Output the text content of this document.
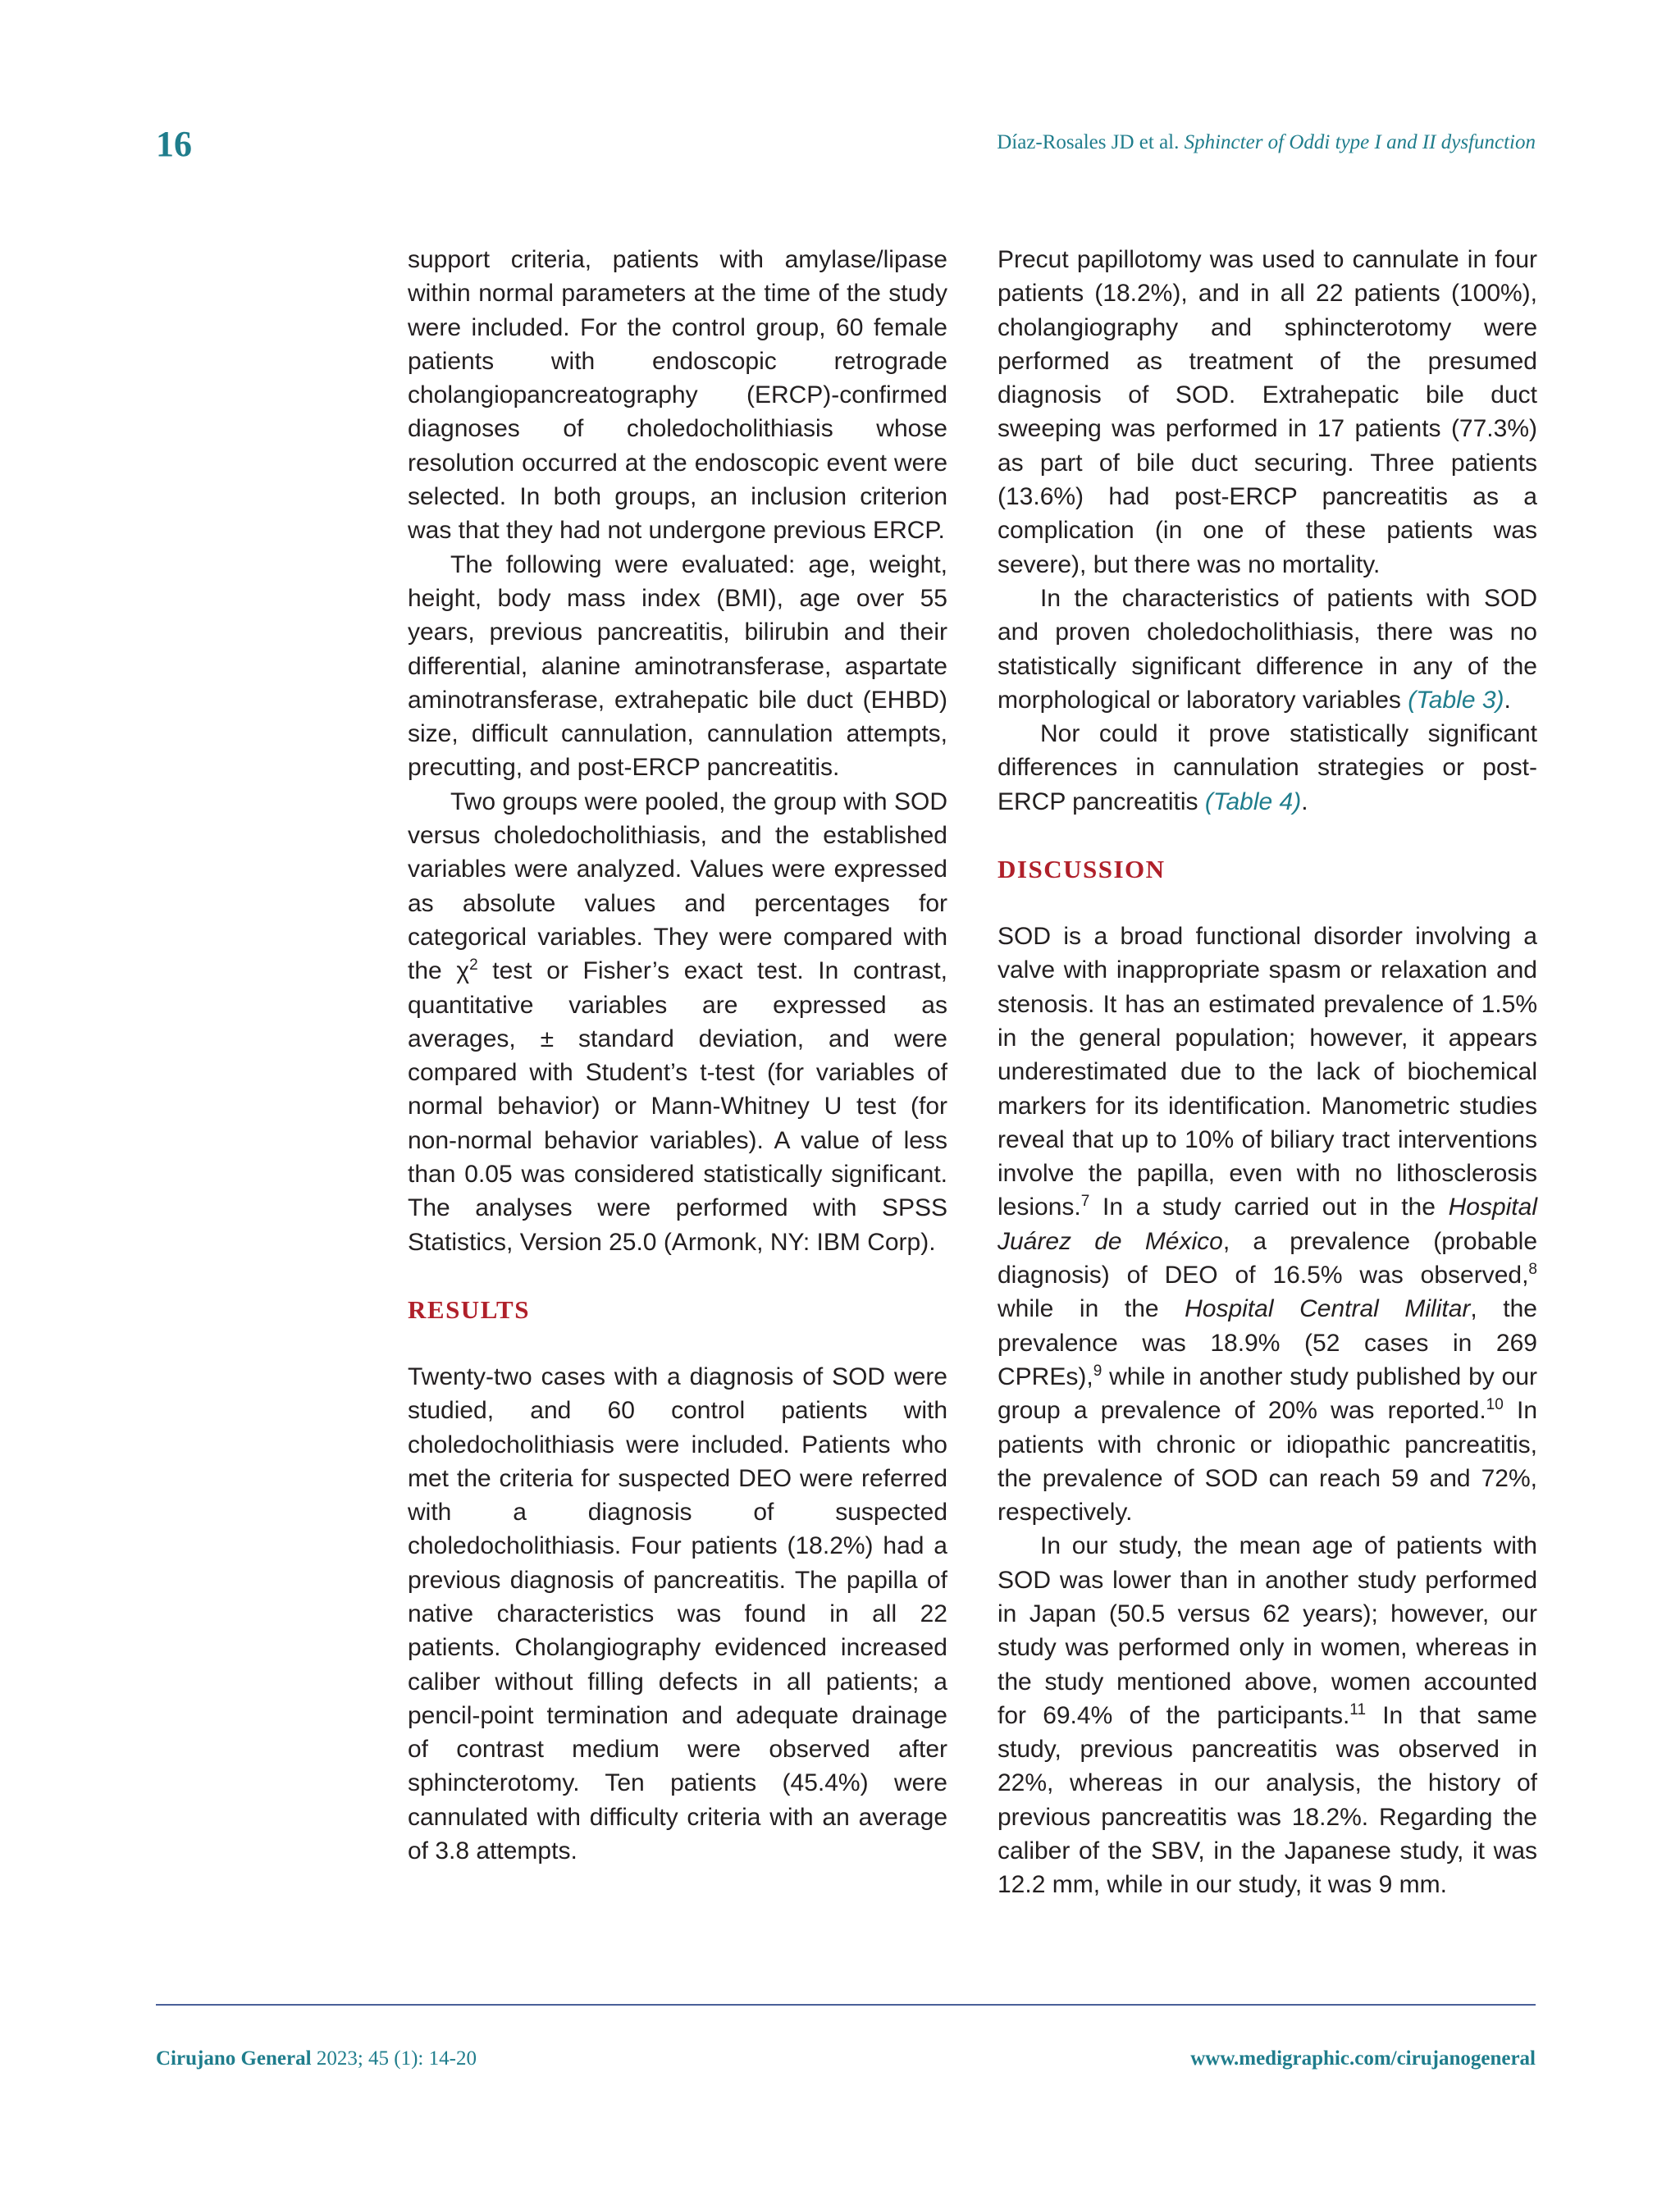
16	Díaz-Rosales JD et al. Sphincter of Oddi type I and II dysfunction

support criteria, patients with amylase/lipase within normal parameters at the time of the study were included. For the control group, 60 female patients with endoscopic retrograde cholangiopancreatography (ERCP)-confirmed diagnoses of choledocholithiasis whose resolution occurred at the endoscopic event were selected. In both groups, an inclusion criterion was that they had not undergone previous ERCP.

The following were evaluated: age, weight, height, body mass index (BMI), age over 55 years, previous pancreatitis, bilirubin and their differential, alanine aminotransferase, aspartate aminotransferase, extrahepatic bile duct (EHBD) size, difficult cannulation, cannulation attempts, precutting, and post-ERCP pancreatitis.

Two groups were pooled, the group with SOD versus choledocholithiasis, and the established variables were analyzed. Values were expressed as absolute values and percentages for categorical variables. They were compared with the $\chi^2$ test or Fisher’s exact test. In contrast, quantitative variables are expressed as averages, ± standard deviation, and were compared with Student’s t-test (for variables of normal behavior) or Mann-Whitney U test (for non-normal behavior variables). A value of less than 0.05 was considered statistically significant. The analyses were performed with SPSS Statistics, Version 25.0 (Armonk, NY: IBM Corp).

RESULTS

Twenty-two cases with a diagnosis of SOD were studied, and 60 control patients with choledocholithiasis were included. Patients who met the criteria for suspected DEO were referred with a diagnosis of suspected choledocholithiasis. Four patients (18.2%) had a previous diagnosis of pancreatitis. The papilla of native characteristics was found in all 22 patients. Cholangiography evidenced increased caliber without filling defects in all patients; a pencil-point termination and adequate drainage of contrast medium were observed after sphincterotomy. Ten patients (45.4%) were cannulated with difficulty criteria with an average of 3.8 attempts.

Precut papillotomy was used to cannulate in four patients (18.2%), and in all 22 patients (100%), cholangiography and sphincterotomy were performed as treatment of the presumed diagnosis of SOD. Extrahepatic bile duct sweeping was performed in 17 patients (77.3%) as part of bile duct securing. Three patients (13.6%) had post-ERCP pancreatitis as a complication (in one of these patients was severe), but there was no mortality.

In the characteristics of patients with SOD and proven choledocholithiasis, there was no statistically significant difference in any of the morphological or laboratory variables (Table 3).

Nor could it prove statistically significant differences in cannulation strategies or post-ERCP pancreatitis (Table 4).

DISCUSSION

SOD is a broad functional disorder involving a valve with inappropriate spasm or relaxation and stenosis. It has an estimated prevalence of 1.5% in the general population; however, it appears underestimated due to the lack of biochemical markers for its identification. Manometric studies reveal that up to 10% of biliary tract interventions involve the papilla, even with no lithosclerosis lesions.$^7$ In a study carried out in the Hospital Juárez de México, a prevalence (probable diagnosis) of DEO of 16.5% was observed,$^8$ while in the Hospital Central Militar, the prevalence was 18.9% (52 cases in 269 CPREs),$^9$ while in another study published by our group a prevalence of 20% was reported.$^{10}$ In patients with chronic or idiopathic pancreatitis, the prevalence of SOD can reach 59 and 72%, respectively.

In our study, the mean age of patients with SOD was lower than in another study performed in Japan (50.5 versus 62 years); however, our study was performed only in women, whereas in the study mentioned above, women accounted for 69.4% of the participants.$^{11}$ In that same study, previous pancreatitis was observed in 22%, whereas in our analysis, the history of previous pancreatitis was 18.2%. Regarding the caliber of the SBV, in the Japanese study, it was 12.2 mm, while in our study, it was 9 mm.

Cirujano General 2023; 45 (1): 14-20	www.medigraphic.com/cirujanogeneral
